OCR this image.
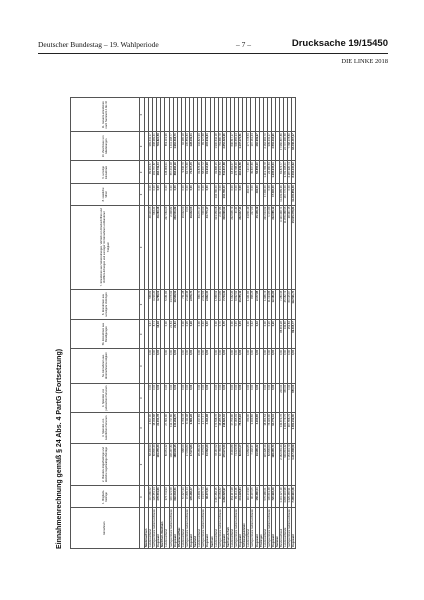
Deutscher Bundestag – 19. Wahlperiode	– 7 –	Drucksache 19/15450
DIE LINKE 2018
Einnahmenrechnung gemäß § 24 Abs. 4 PartG (Fortsetzung)	Einnahmen	1. Mitglieds-beiträge	2. Mandats-trägerbeiträge und ähnliche regelmäßige Beiträge	3. Spenden von natürlichen Personen	4. Spenden von juristischen Personen	5a. Einnahmen aus Unternehmens-tätigkeit	5b. Einnahmen aus Beteiligungen	6. Einnahmen aus sonstigem Vermögen	7. Einnahmen aus Veranstaltungen, Vertrieb von Druckschriften und Veröffent-lichungen und sonstiger mit Einnahmen verbundener Tätigkeit	8. staatliche Mittel	9. sonstige Einnahmen	10. Zuschüsse von Gliederungen	11. Gesamt-einnahmen nach Nummern 1 bis 10
	€	€	€	€	€	€	€	€	€	€	€	€
Niedersachsen												
Landesverband	147.080,52	58.409,93	2.817,90	0,00	0,00	9,47	568,82	48.319,05	0,00	89.991,57	383.441,17	
nachgeordnete Gebietsverbände	129.451,14	60.845,40	18.336,88	0,00	0,00	8,71	3.219,20	964,21	0,00	193.757,87	408.383,41	
Insgesamt	276.531,66	119.255,33	21.154,78	0,00	0,00	18,18	3.788,02	49.283,26	0,00	283.749,44	791.824,58	
Nordrhein-Westfalen												
Landesverband	375.711,93	80.651,42	27.561,90	0,00	0,00	0,00	5.161,60	237.063,00	0,00	126.969,11	853.119,96	
nachgeordnete Gebietsverbände	316.321,58	108.287,83	112.737,80	0,00	0,00	21,64	14.376,92	2.438,82	0,00	557.014,18	1.111.198,77	
Insgesamt	692.033,51	188.939,25	140.299,70	0,00	0,00	21,64	19.538,52	239.501,82	0,00	683.983,29	1.964.318,73	
Rheinland-Pfalz												
Landesverband	57.427,33	968,00	3.769,78	0,00	0,00	0,00	751,28	19.932,00	0,00	9.536,79	92.385,18	
nachgeordnete Gebietsverbände	47.839,14	17.003,83	6.111,48	0,00	0,00	0,26	2.128,46	0,00	0,00	62.770,66	135.853,83	
Insgesamt	105.266,47	17.971,83	9.881,26	0,00	0,00	0,26	2.879,74	19.932,00	0,00	72.307,45	228.239,01	
Saarland												
Landesverband	24.403,77	28.283,22	2.317,81	0,00	0,00	0,00	669,70	43.271,17	0,00	33.876,26	132.821,93	
nachgeordnete Gebietsverbände	13.970,74	6.279,01	2.177,17	0,00	0,00	0,40	2.162,64	500,00	0,00	58.037,72	83.127,68	
Insgesamt	38.374,51	34.562,23	4.494,98	0,00	0,00	0,40	2.832,34	43.771,17	0,00	91.913,98	215.949,61	
Sachsen												
Landesverband	1.167.462,15	78.187,52	170.538,76	0,00	0,00	0,00	1.568,52	314.459,08	134.780,00	33.686,15	1.900.642,18	
nachgeordnete Gebietsverbände	95.063,82	92.783,51	48.285,58	0,00	0,00	3,70	6.174,80	2.437,84	0,00	508.931,53	753.680,78	
Insgesamt	1.262.525,97	170.971,03	218.824,34	0,00	0,00	3,70	7.743,32	316.896,92	134.780,00	542.617,68	2.654.322,96	
Sachsen-Anhalt												
Landesverband	352.117,38	8.419,89	17.750,90	0,00	0,00	0,00	1.162,20	232.905,73	0,00	18.161,07	630.517,17	
nachgeordnete Gebietsverbände	89.112,46	74.224,58	57.395,03	0,00	0,00	0,45	9.092,92	41,41	0,00	276.788,49	506.655,34	
Insgesamt	441.229,84	82.644,47	75.145,93	0,00	0,00	0,45	10.255,12	232.947,14	0,00	294.949,56	1.137.172,51	
Schleswig-Holstein												
Landesverband	110.172,99	12.882,85	780,00	0,00	0,00	0,00	1.341,60	44.891,49	492,00	7.217,60	177.778,53	
nachgeordnete Gebietsverbände	46.207,05	7.102,47	3.160,65	0,00	0,00	0,42	836,25	217,00	0,00	49.637,60	107.161,44	
Insgesamt	156.380,04	19.985,32	3.940,65	0,00	0,00	0,42	2.177,85	45.108,49	492,00	56.855,20	284.939,97	
Thüringen												
Landesverband	575.380,01	115.426,14	18.451,54	0,00	0,00	0,00	1.346,74	221.513,52	17.090,00	1.213.784,78	2.162.992,73	
nachgeordnete Gebietsverbände	145.613,48	82.839,60	76.320,90	0,00	0,00	0,20	11.134,86	1.171,60	0,00	22.160,53	339.241,17	
Insgesamt	720.993,49	198.265,74	94.772,44	0,00	0,00	0,20	12.481,60	222.685,12	17.090,00	1.235.945,31	2.502.233,90	
Summen												
Bundesverband	1.141.127,19	2.162.081,44	143.873,76	200,00	0,00	88.919,28	7.283,35	3.120.448,71	11.233.089,36	63.874,77	17.960.897,86	
Landesverbände	4.895.316,98	930.813,42	1.009.779,75	450,00	0,00	143,65	45.182,72	11.876.488,95	167.770,00	3.781.445,11	22.707.390,58	
nachgeordnete Gebietsverbände	1.429.465,91	1.154.413,73	907.558,79	0,00	0,00	252,84	60.125,67	28.441,15	0,00	4.187.920,74	7.768.178,83	
Insgesamt	7.465.910,08	4.247.308,59	2.061.212,30	650,00	0,00	89.315,77	112.591,74	15.025.378,81	11.400.859,36	8.033.240,62	48.436.467,27	
